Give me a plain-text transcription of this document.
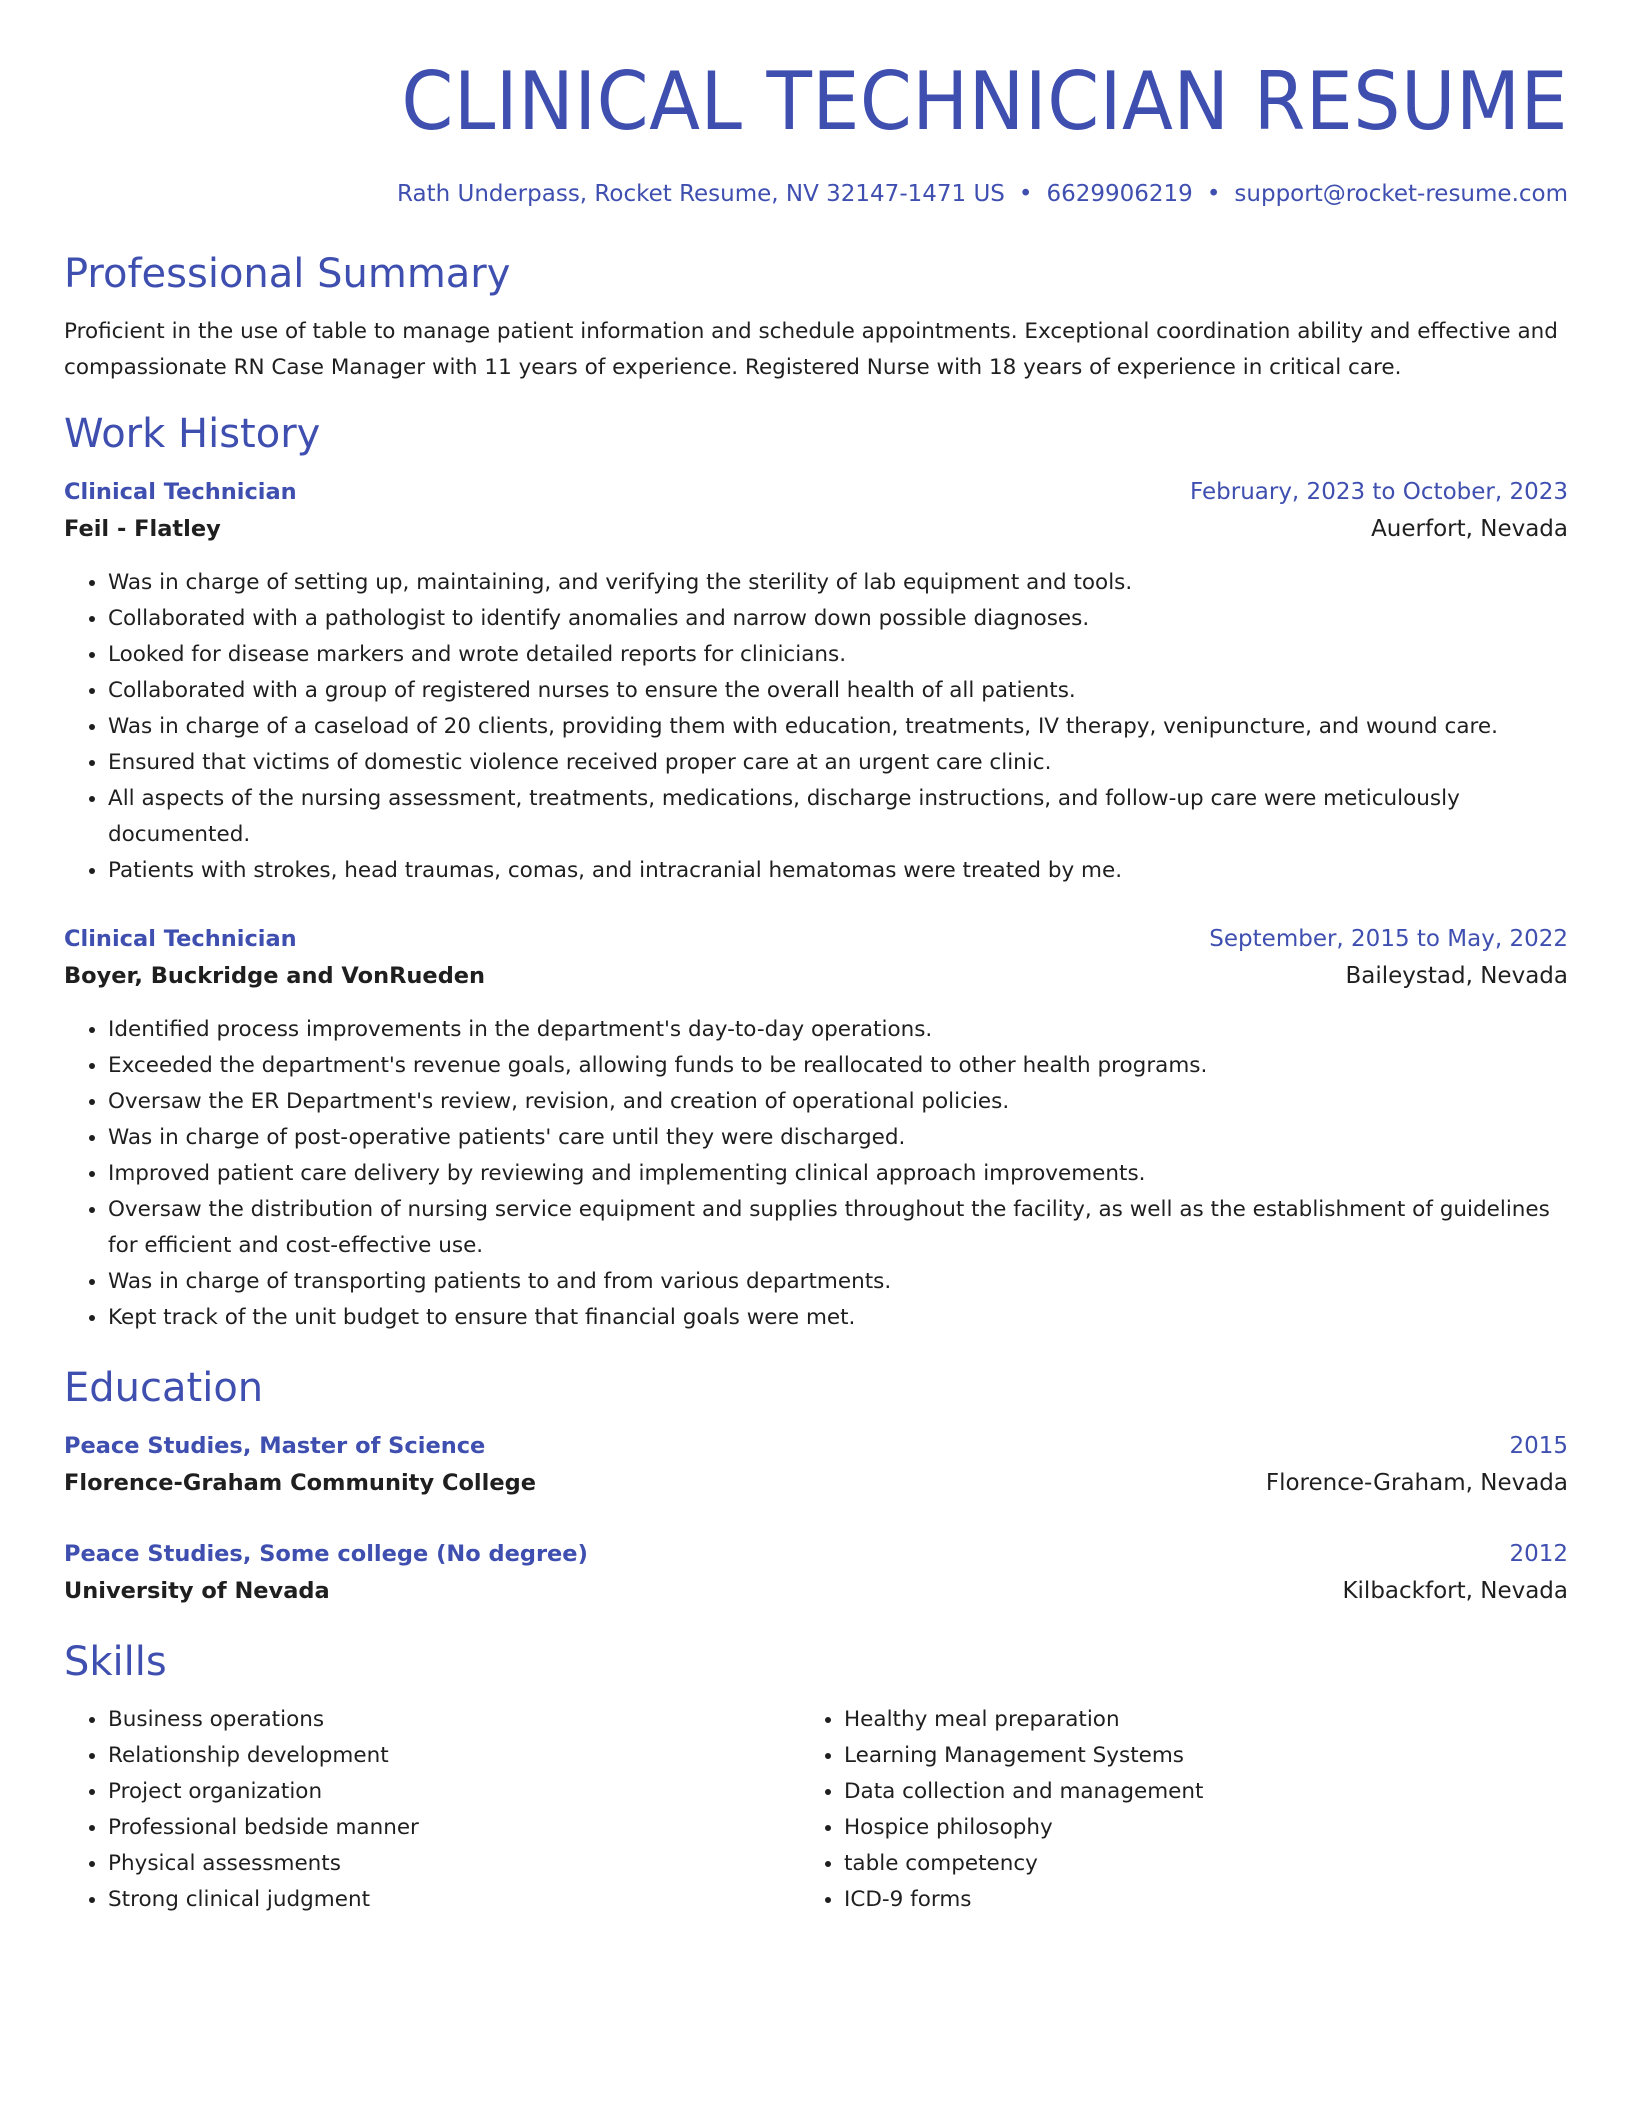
CLINICAL TECHNICIAN RESUME
Rath Underpass, Rocket Resume, NV 32147-1471 US • 6629906219 • support@rocket-resume.com
Professional Summary

Proficient in the use of table to manage patient information and schedule appointments. Exceptional coordination ability and effective and compassionate RN Case Manager with 11 years of experience. Registered Nurse with 18 years of experience in critical care.

Work History
Clinical Technician	February, 2023 to October, 2023
Feil - Flatley	Auerfort, Nevada
• Was in charge of setting up, maintaining, and verifying the sterility of lab equipment and tools.
• Collaborated with a pathologist to identify anomalies and narrow down possible diagnoses.
• Looked for disease markers and wrote detailed reports for clinicians.
• Collaborated with a group of registered nurses to ensure the overall health of all patients.
• Was in charge of a caseload of 20 clients, providing them with education, treatments, IV therapy, venipuncture, and wound care.
• Ensured that victims of domestic violence received proper care at an urgent care clinic.
• All aspects of the nursing assessment, treatments, medications, discharge instructions, and follow-up care were meticulously documented.
• Patients with strokes, head traumas, comas, and intracranial hematomas were treated by me.
Clinical Technician	September, 2015 to May, 2022
Boyer, Buckridge and VonRueden	Baileystad, Nevada
• Identified process improvements in the department's day-to-day operations.
• Exceeded the department's revenue goals, allowing funds to be reallocated to other health programs.
• Oversaw the ER Department's review, revision, and creation of operational policies.
• Was in charge of post-operative patients' care until they were discharged.
• Improved patient care delivery by reviewing and implementing clinical approach improvements.
• Oversaw the distribution of nursing service equipment and supplies throughout the facility, as well as the establishment of guidelines for efficient and cost-effective use.
• Was in charge of transporting patients to and from various departments.
• Kept track of the unit budget to ensure that financial goals were met.
Education
Peace Studies, Master of Science	2015
Florence-Graham Community College	Florence-Graham, Nevada
Peace Studies, Some college (No degree)	2012
University of Nevada	Kilbackfort, Nevada
Skills
• Business operations
• Relationship development
• Project organization
• Professional bedside manner
• Physical assessments
• Strong clinical judgment
• Healthy meal preparation
• Learning Management Systems
• Data collection and management
• Hospice philosophy
• table competency
• ICD-9 forms
